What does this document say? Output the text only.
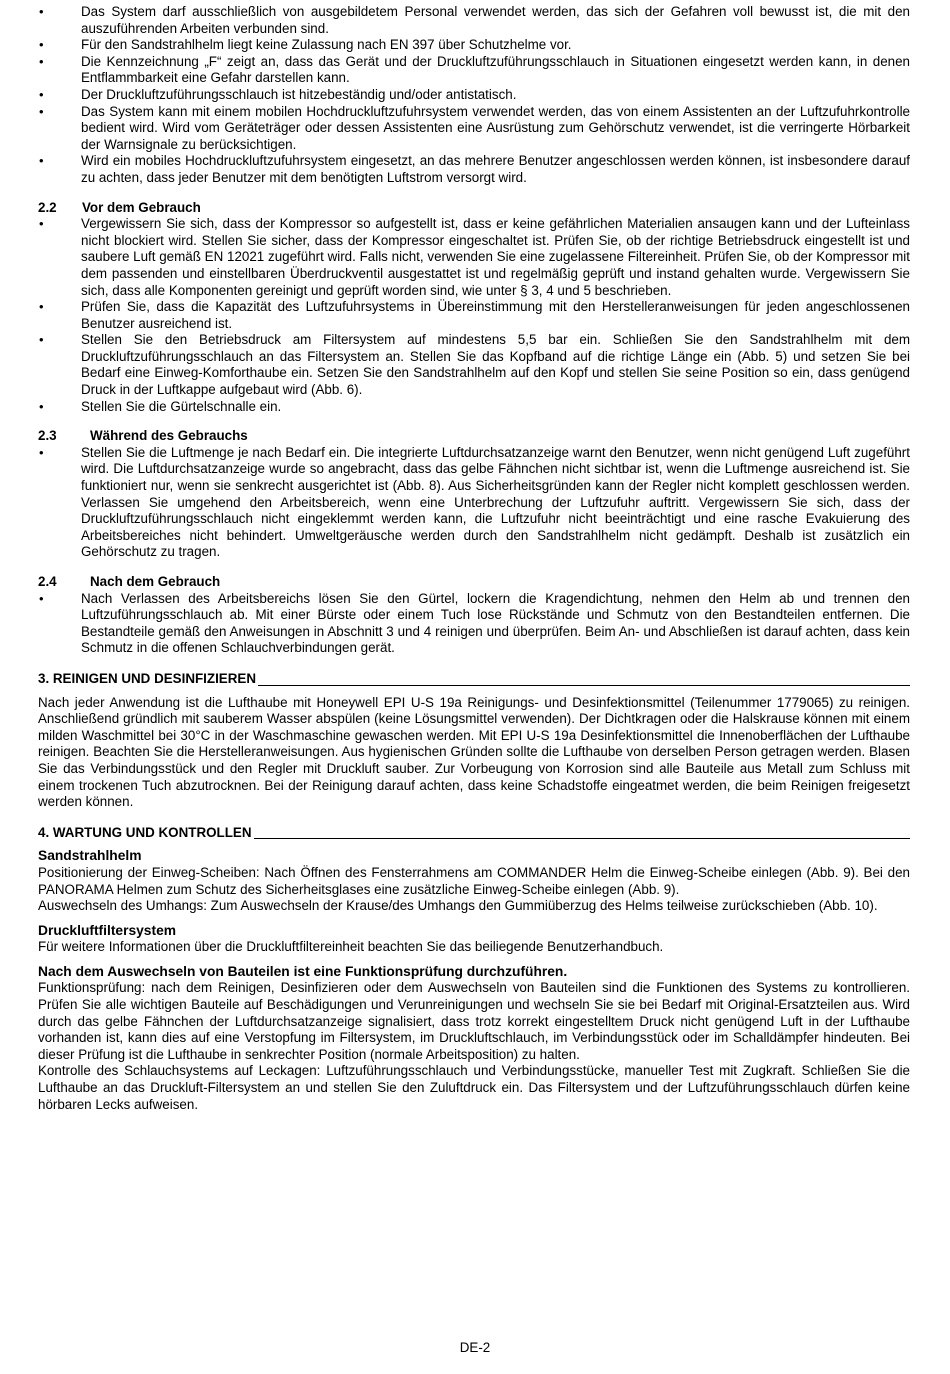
• Das System darf ausschließlich von ausgebildetem Personal verwendet werden, das sich der Gefahren voll bewusst ist, die mit den auszuführenden Arbeiten verbunden sind.
• Für den Sandstrahlhelm liegt keine Zulassung nach EN 397 über Schutzhelme vor.
• Die Kennzeichnung „F“ zeigt an, dass das Gerät und der Druckluftzuführungsschlauch in Situationen eingesetzt werden kann, in denen Entflammbarkeit eine Gefahr darstellen kann.
• Der Druckluftzuführungsschlauch ist hitzebeständig und/oder antistatisch.
• Das System kann mit einem mobilen Hochdruckluftzufuhrsystem verwendet werden, das von einem Assistenten an der Luftzufuhrkontrolle bedient wird. Wird vom Geräteträger oder dessen Assistenten eine Ausrüstung zum Gehörschutz verwendet, ist die verringerte Hörbarkeit der Warnsignale zu berücksichtigen.
• Wird ein mobiles Hochdruckluftzufuhrsystem eingesetzt, an das mehrere Benutzer angeschlossen werden können, ist insbesondere darauf zu achten, dass jeder Benutzer mit dem benötigten Luftstrom versorgt wird.
2.2	Vor dem Gebrauch
• Vergewissern Sie sich, dass der Kompressor so aufgestellt ist, dass er keine gefährlichen Materialien ansaugen kann und der Lufteinlass nicht blockiert wird. Stellen Sie sicher, dass der Kompressor eingeschaltet ist. Prüfen Sie, ob der richtige Betriebsdruck eingestellt ist und saubere Luft gemäß EN 12021 zugeführt wird. Falls nicht, verwenden Sie eine zugelassene Filtereinheit. Prüfen Sie, ob der Kompressor mit dem passenden und einstellbaren Überdruckventil ausgestattet ist und regelmäßig geprüft und instand gehalten wurde. Vergewissern Sie sich, dass alle Komponenten gereinigt und geprüft worden sind, wie unter § 3, 4 und 5 beschrieben.
• Prüfen Sie, dass die Kapazität des Luftzufuhrsystems in Übereinstimmung mit den Herstelleranweisungen für jeden angeschlossenen Benutzer ausreichend ist.
• Stellen Sie den Betriebsdruck am Filtersystem auf mindestens 5,5 bar ein. Schließen Sie den Sandstrahlhelm mit dem Druckluftzuführungsschlauch an das Filtersystem an. Stellen Sie das Kopfband auf die richtige Länge ein (Abb. 5) und setzen Sie bei Bedarf eine Einweg-Komforthaube ein. Setzen Sie den Sandstrahlhelm auf den Kopf und stellen Sie seine Position so ein, dass genügend Druck in der Luftkappe aufgebaut wird (Abb. 6).
• Stellen Sie die Gürtelschnalle ein.
2.3	Während des Gebrauchs
• Stellen Sie die Luftmenge je nach Bedarf ein. Die integrierte Luftdurchsatzanzeige warnt den Benutzer, wenn nicht genügend Luft zugeführt wird. Die Luftdurchsatzanzeige wurde so angebracht, dass das gelbe Fähnchen nicht sichtbar ist, wenn die Luftmenge ausreichend ist. Sie funktioniert nur, wenn sie senkrecht ausgerichtet ist (Abb. 8). Aus Sicherheitsgründen kann der Regler nicht komplett geschlossen werden. Verlassen Sie umgehend den Arbeitsbereich, wenn eine Unterbrechung der Luftzufuhr auftritt. Vergewissern Sie sich, dass der Druckluftzuführungsschlauch nicht eingeklemmt werden kann, die Luftzufuhr nicht beeinträchtigt und eine rasche Evakuierung des Arbeitsbereiches nicht behindert. Umweltgeräusche werden durch den Sandstrahlhelm nicht gedämpft. Deshalb ist zusätzlich ein Gehörschutz zu tragen.
2.4	Nach dem Gebrauch
• Nach Verlassen des Arbeitsbereichs lösen Sie den Gürtel, lockern die Kragendichtung, nehmen den Helm ab und trennen den Luftzuführungsschlauch ab. Mit einer Bürste oder einem Tuch lose Rückstände und Schmutz von den Bestandteilen entfernen. Die Bestandteile gemäß den Anweisungen in Abschnitt 3 und 4 reinigen und überprüfen. Beim An- und Abschließen ist darauf achten, dass kein Schmutz in die offenen Schlauchverbindungen gerät.
3. REINIGEN UND DESINFIZIEREN

Nach jeder Anwendung ist die Lufthaube mit Honeywell EPI U-S 19a Reinigungs- und Desinfektionsmittel (Teilenummer 1779065) zu reinigen. Anschließend gründlich mit sauberem Wasser abspülen (keine Lösungsmittel verwenden). Der Dichtkragen oder die Halskrause können mit einem milden Waschmittel bei 30°C in der Waschmaschine gewaschen werden. Mit EPI U-S 19a Desinfektionsmittel die Innenoberflächen der Lufthaube reinigen. Beachten Sie die Herstelleranweisungen. Aus hygienischen Gründen sollte die Lufthaube von derselben Person getragen werden. Blasen Sie das Verbindungsstück und den Regler mit Druckluft sauber. Zur Vorbeugung von Korrosion sind alle Bauteile aus Metall zum Schluss mit einem trockenen Tuch abzutrocknen. Bei der Reinigung darauf achten, dass keine Schadstoffe eingeatmet werden, die beim Reinigen freigesetzt werden können.

4. WARTUNG UND KONTROLLEN
Sandstrahlhelm

Positionierung der Einweg-Scheiben: Nach Öffnen des Fensterrahmens am COMMANDER Helm die Einweg-Scheibe einlegen (Abb. 9). Bei den PANORAMA Helmen zum Schutz des Sicherheitsglases eine zusätzliche Einweg-Scheibe einlegen (Abb. 9).

Auswechseln des Umhangs: Zum Auswechseln der Krause/des Umhangs den Gummiüberzug des Helms teilweise zurückschieben (Abb. 10).

Druckluftfiltersystem

Für weitere Informationen über die Druckluftfiltereinheit beachten Sie das beiliegende Benutzerhandbuch.

Nach dem Auswechseln von Bauteilen ist eine Funktionsprüfung durchzuführen.

Funktionsprüfung: nach dem Reinigen, Desinfizieren oder dem Auswechseln von Bauteilen sind die Funktionen des Systems zu kontrollieren. Prüfen Sie alle wichtigen Bauteile auf Beschädigungen und Verunreinigungen und wechseln Sie sie bei Bedarf mit Original-Ersatzteilen aus. Wird durch das gelbe Fähnchen der Luftdurchsatzanzeige signalisiert, dass trotz korrekt eingestelltem Druck nicht genügend Luft in der Lufthaube vorhanden ist, kann dies auf eine Verstopfung im Filtersystem, im Druckluftschlauch, im Verbindungsstück oder im Schalldämpfer hindeuten. Bei dieser Prüfung ist die Lufthaube in senkrechter Position (normale Arbeitsposition) zu halten.

Kontrolle des Schlauchsystems auf Leckagen: Luftzuführungsschlauch und Verbindungsstücke, manueller Test mit Zugkraft. Schließen Sie die Lufthaube an das Druckluft-Filtersystem an und stellen Sie den Zuluftdruck ein. Das Filtersystem und der Luftzuführungsschlauch dürfen keine hörbaren Lecks aufweisen.

DE-2
